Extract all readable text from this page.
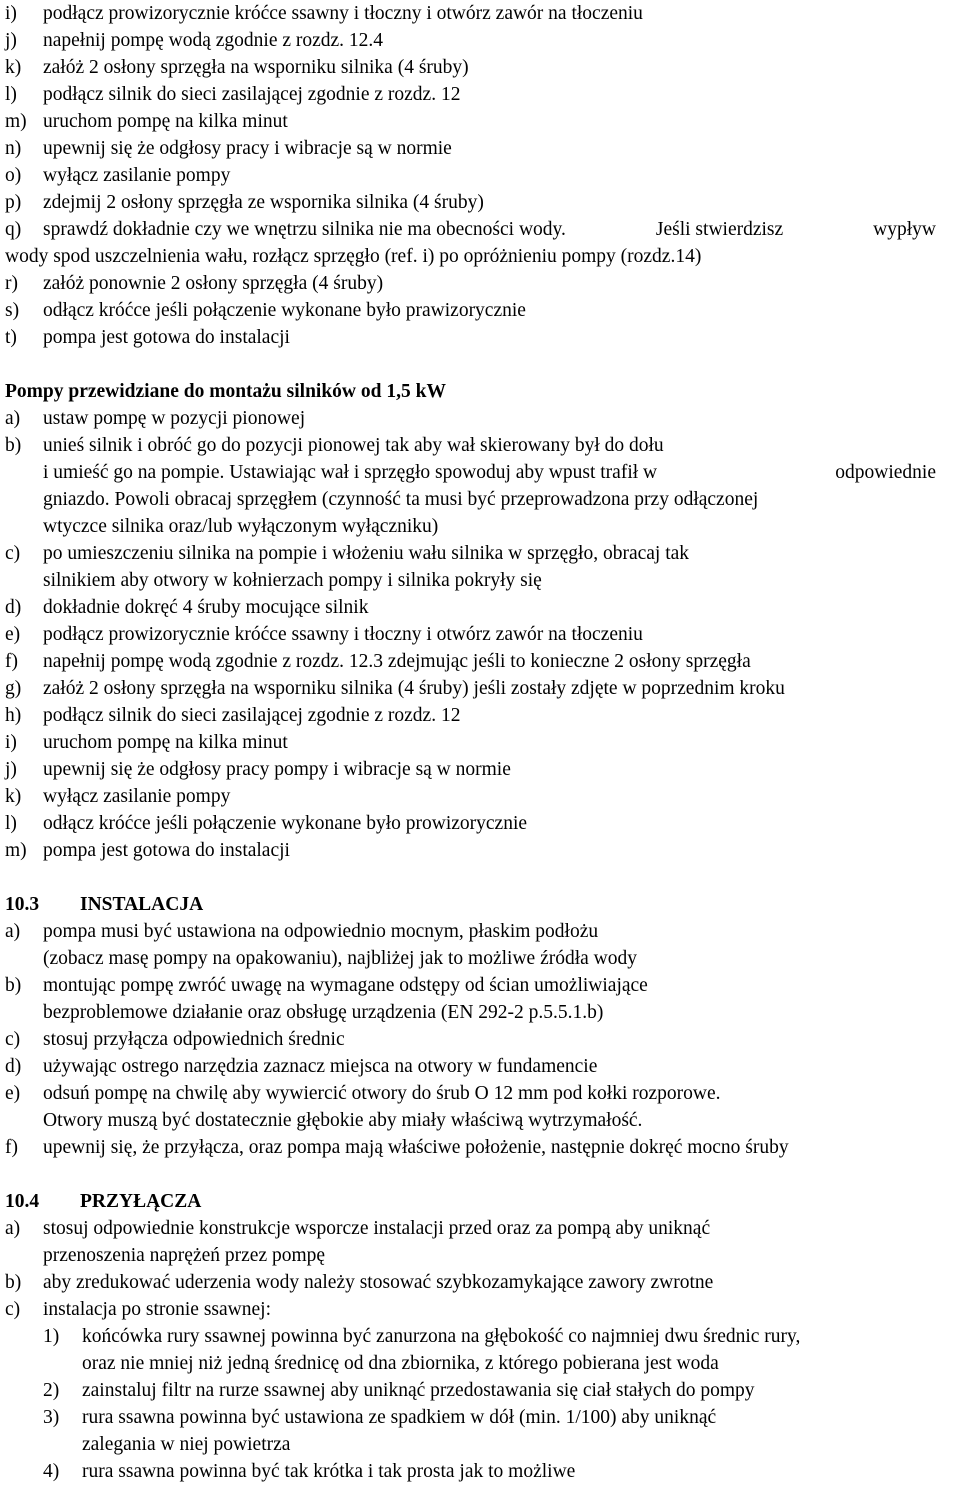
i) podłącz prowizorycznie króćce ssawny i tłoczny i otwórz zawór na tłoczeniu
j) napełnij pompę wodą zgodnie z rozdz. 12.4
k) załóż 2 osłony sprzęgła na wsporniku silnika (4 śruby)
l) podłącz silnik do sieci zasilającej zgodnie z rozdz. 12
m) uruchom pompę na kilka minut
n) upewnij się że odgłosy pracy i wibracje są w normie
o) wyłącz zasilanie pompy
p) zdejmij 2 osłony sprzęgła ze wspornika silnika (4 śruby)
q) sprawdź dokładnie czy we wnętrzu silnika nie ma obecności wody.	Jeśli stwierdzisz	wypływ
wody spod uszczelnienia wału, rozłącz sprzęgło (ref. i) po opróżnieniu pompy (rozdz.14)
r) załóż ponownie 2 osłony sprzęgła (4 śruby)
s) odłącz króćce jeśli połączenie wykonane było prawizorycznie
t) pompa jest gotowa do instalacji
Pompy przewidziane do montażu silników od 1,5 kW
a) ustaw pompę w pozycji pionowej
b) unieś silnik i obróć go do pozycji pionowej tak aby wał skierowany był do dołu
i umieść go na pompie. Ustawiając wał i sprzęgło spowoduj aby wpust trafił w	odpowiednie
gniazdo. Powoli obracaj sprzęgłem (czynność ta musi być przeprowadzona przy odłączonej
wtyczce silnika oraz/lub wyłączonym wyłączniku)
c) po umieszczeniu silnika na pompie i włożeniu wału silnika w sprzęgło, obracaj tak
silnikiem aby otwory w kołnierzach pompy i silnika pokryły się
d) dokładnie dokręć 4 śruby mocujące silnik
e) podłącz prowizorycznie króćce ssawny i tłoczny i otwórz zawór na tłoczeniu
f) napełnij pompę wodą zgodnie z rozdz. 12.3 zdejmując jeśli to konieczne 2 osłony sprzęgła
g) załóż 2 osłony sprzęgła na wsporniku silnika (4 śruby) jeśli zostały zdjęte w poprzednim kroku
h) podłącz silnik do sieci zasilającej zgodnie z rozdz. 12
i) uruchom pompę na kilka minut
j) upewnij się że odgłosy pracy pompy i wibracje są w normie
k) wyłącz zasilanie pompy
l) odłącz króćce jeśli połączenie wykonane było prowizorycznie
m) pompa jest gotowa do instalacji
10.3 INSTALACJA
a) pompa musi być ustawiona na odpowiednio mocnym, płaskim podłożu
(zobacz masę pompy na opakowaniu), najbliżej jak to możliwe źródła wody
b) montując pompę zwróć uwagę na wymagane odstępy od ścian umożliwiające
bezproblemowe działanie oraz obsługę urządzenia (EN 292-2 p.5.5.1.b)
c) stosuj przyłącza odpowiednich średnic
d) używając ostrego narzędzia zaznacz miejsca na otwory w fundamencie
e) odsuń pompę na chwilę aby wywiercić otwory do śrub O 12 mm pod kołki rozporowe.
Otwory muszą być dostatecznie głębokie aby miały właściwą wytrzymałość.
f) upewnij się, że przyłącza, oraz pompa mają właściwe położenie, następnie dokręć mocno śruby
10.4 PRZYŁĄCZA
a) stosuj odpowiednie konstrukcje wsporcze instalacji przed oraz za pompą aby uniknąć
przenoszenia naprężeń przez pompę
b) aby zredukować uderzenia wody należy stosować szybkozamykające zawory zwrotne
c) instalacja po stronie ssawnej:
1) końcówka rury ssawnej powinna być zanurzona na głębokość co najmniej dwu średnic rury,
oraz nie mniej niż jedną średnicę od dna zbiornika, z którego pobierana jest woda
2) zainstaluj filtr na rurze ssawnej aby uniknąć przedostawania się ciał stałych do pompy
3) rura ssawna powinna być ustawiona ze spadkiem w dół (min. 1/100) aby uniknąć
zalegania w niej powietrza
4) rura ssawna powinna być tak krótka i tak prosta jak to możliwe
